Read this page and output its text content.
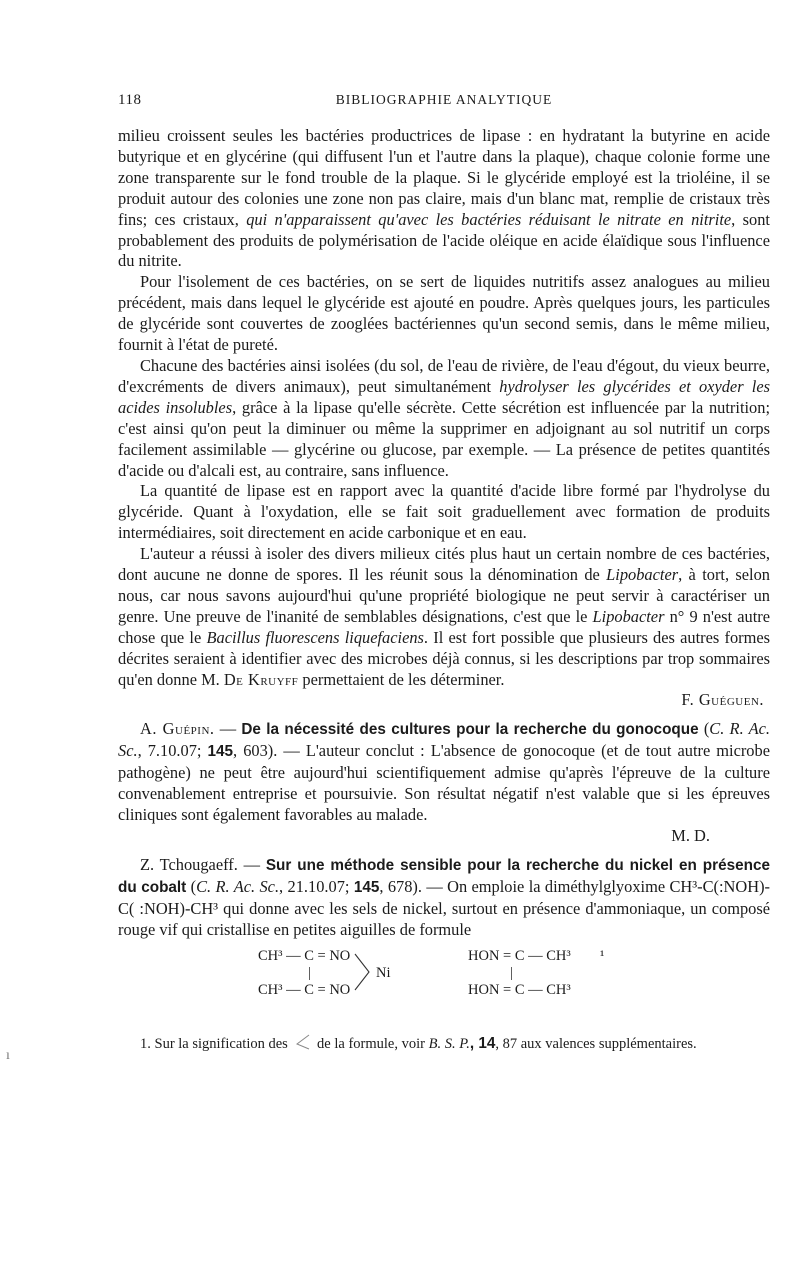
118	BIBLIOGRAPHIE ANALYTIQUE

milieu croissent seules les bactéries productrices de lipase : en hydratant la butyrine en acide butyrique et en glycérine (qui diffusent l'un et l'autre dans la plaque), chaque colonie forme une zone transparente sur le fond trouble de la plaque. Si le glycéride employé est la trioléine, il se produit autour des colonies une zone non pas claire, mais d'un blanc mat, remplie de cristaux très fins; ces cristaux, qui n'apparaissent qu'avec les bactéries réduisant le nitrate en nitrite, sont probablement des produits de polymérisation de l'acide oléique en acide élaïdique sous l'influence du nitrite.

Pour l'isolement de ces bactéries, on se sert de liquides nutritifs assez analogues au milieu précédent, mais dans lequel le glycéride est ajouté en poudre. Après quelques jours, les particules de glycéride sont couvertes de zooglées bactériennes qu'un second semis, dans le même milieu, fournit à l'état de pureté.

Chacune des bactéries ainsi isolées (du sol, de l'eau de rivière, de l'eau d'égout, du vieux beurre, d'excréments de divers animaux), peut simultanément hydrolyser les glycérides et oxyder les acides insolubles, grâce à la lipase qu'elle sécrète. Cette sécrétion est influencée par la nutrition; c'est ainsi qu'on peut la diminuer ou même la supprimer en adjoignant au sol nutritif un corps facilement assimilable — glycérine ou glucose, par exemple. — La présence de petites quantités d'acide ou d'alcali est, au contraire, sans influence.

La quantité de lipase est en rapport avec la quantité d'acide libre formé par l'hydrolyse du glycéride. Quant à l'oxydation, elle se fait soit graduellement avec formation de produits intermédiaires, soit directement en acide carbonique et en eau.

L'auteur a réussi à isoler des divers milieux cités plus haut un certain nombre de ces bactéries, dont aucune ne donne de spores. Il les réunit sous la dénomination de Lipobacter, à tort, selon nous, car nous savons aujourd'hui qu'une propriété biologique ne peut servir à caractériser un genre. Une preuve de l'inanité de semblables désignations, c'est que le Lipobacter n° 9 n'est autre chose que le Bacillus fluorescens liquefaciens. Il est fort possible que plusieurs des autres formes décrites seraient à identifier avec des microbes déjà connus, si les descriptions par trop sommaires qu'en donne M. De Kruyff permettaient de les déterminer.

F. Guéguen.

A. Guépin. — De la nécessité des cultures pour la recherche du gonocoque (C. R. Ac. Sc., 7.10.07; 145, 603). — L'auteur conclut : L'absence de gonocoque (et de tout autre microbe pathogène) ne peut être aujourd'hui scientifiquement admise qu'après l'épreuve de la culture convenablement entreprise et poursuivie. Son résultat négatif n'est valable que si les épreuves cliniques sont également favorables au malade.

M. D.

Z. Tchougaeff. — Sur une méthode sensible pour la recherche du nickel en présence du cobalt (C. R. Ac. Sc., 21.10.07; 145, 678). — On emploie la diméthylglyoxime CH³-C(:NOH)-C( :NOH)-CH³ qui donne avec les sels de nickel, surtout en présence d'ammoniaque, un composé rouge vif qui cristallise en petites aiguilles de formule

CH³ — C = NO
|
CH³ — C = NO
Ni
HON = C — CH³
|
HON = C — CH³
¹

1. Sur la signification des  de la formule, voir B. S. P., 14, 87 aux valences supplémentaires.

ı
